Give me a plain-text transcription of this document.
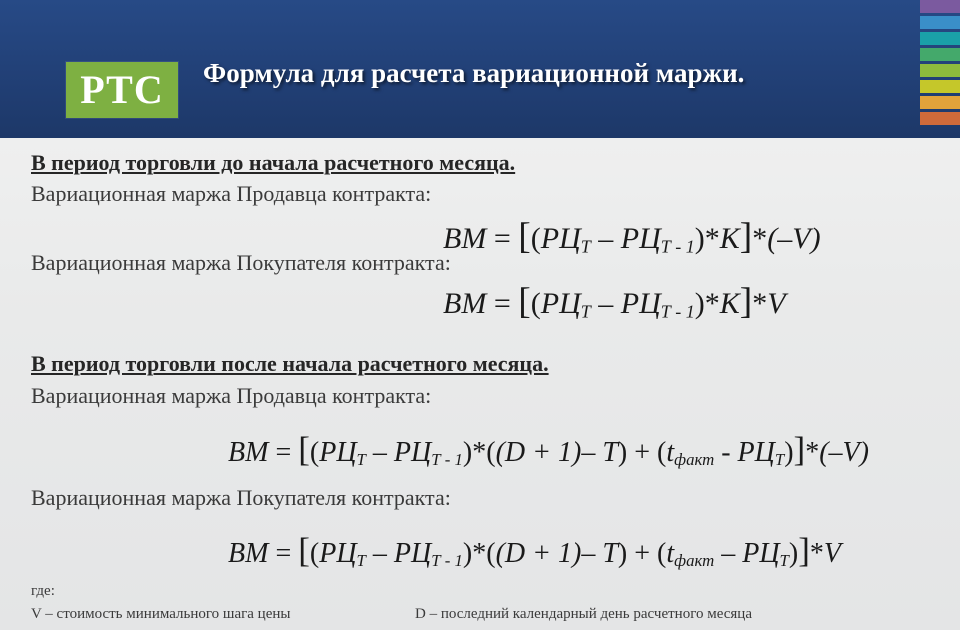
РТС	Формула для расчета вариационной маржи.
В период торговли до начала расчетного месяца.
Вариационная маржа Продавца контракта:
ВМ = $[(РЦ_Т - РЦ_{Т - 1})*K]*(-V)$
Вариационная маржа Покупателя контракта:
ВМ = $[(РЦ_Т - РЦ_{Т - 1})*K]*V$
В период торговли после начала расчетного месяца.
Вариационная маржа Продавца контракта:
ВМ = [$(РЦ_Т - РЦ_{Т - 1})*((D + 1)-$ $T) + (t_{факт} - РЦ_Т)]*(-V)$
Вариационная маржа Покупателя контракта:
ВМ = [$(РЦ_Т - РЦ_{Т - 1})*((D + 1)-$ $T) + (t_{факт} - РЦ_Т)]*V$
где:
V – стоимость минимального шага цены	D – последний календарный день расчетного месяца
